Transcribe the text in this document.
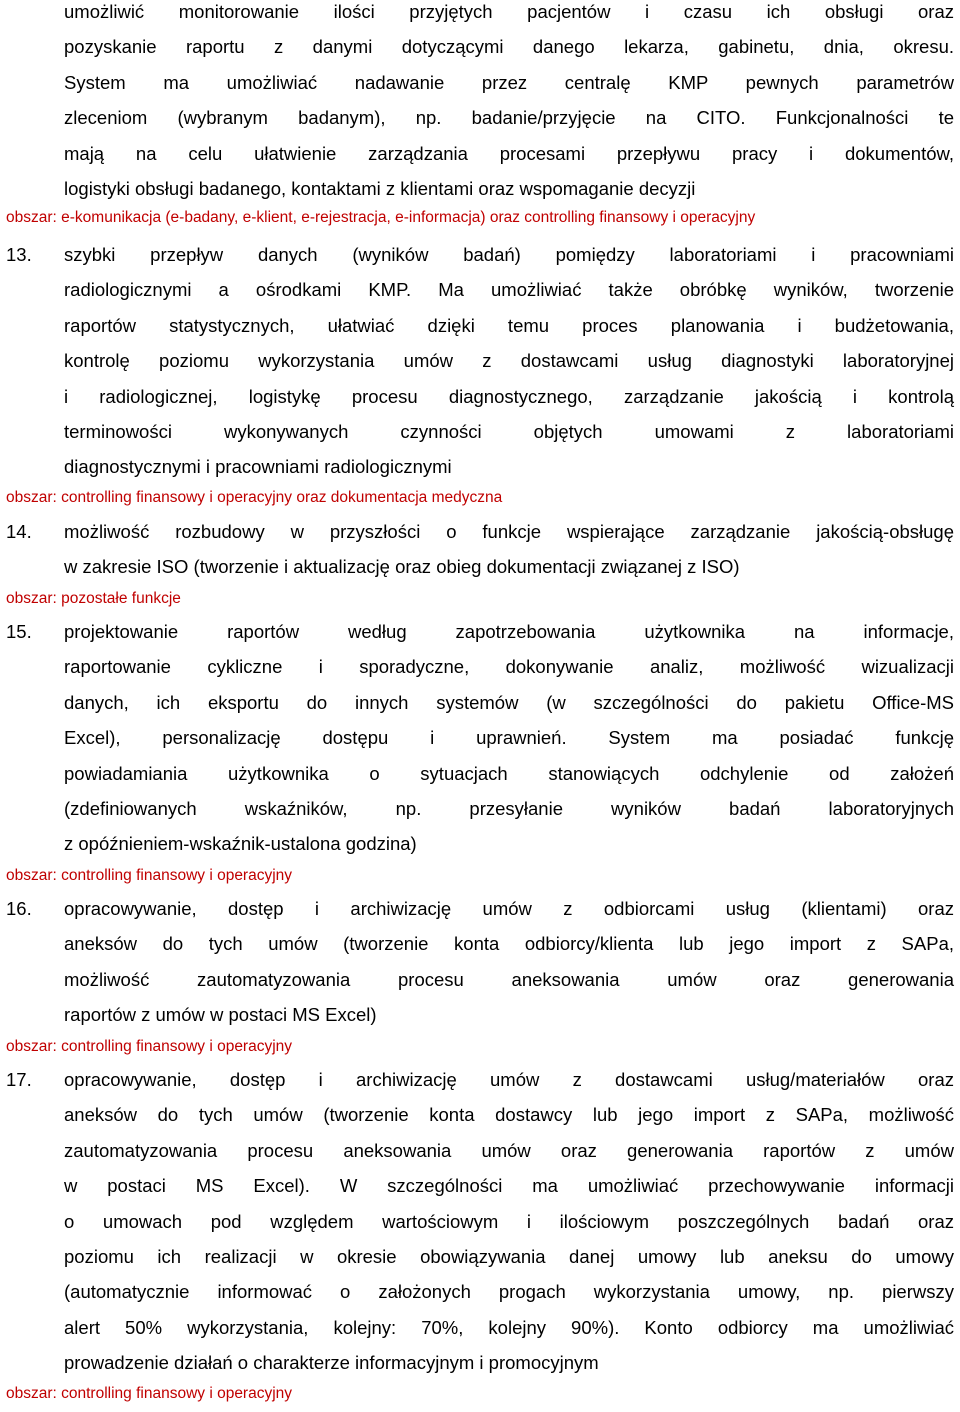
umożliwić monitorowanie ilości przyjętych pacjentów i czasu ich obsługi oraz
pozyskanie raportu z danymi dotyczącymi danego lekarza, gabinetu, dnia, okresu.
System ma umożliwiać nadawanie przez centralę KMP pewnych parametrów
zleceniom (wybranym badanym), np. badanie/przyjęcie na CITO. Funkcjonalności te
mają na celu ułatwienie zarządzania procesami przepływu pracy i dokumentów,
logistyki obsługi badanego, kontaktami z klientami oraz wspomaganie decyzji
obszar: e-komunikacja (e-badany, e-klient, e-rejestracja, e-informacja) oraz controlling finansowy i operacyjny
13. szybki przepływ danych (wyników badań) pomiędzy laboratoriami i pracowniami
radiologicznymi a ośrodkami KMP. Ma umożliwiać także obróbkę wyników, tworzenie
raportów statystycznych, ułatwiać dzięki temu proces planowania i budżetowania,
kontrolę poziomu wykorzystania umów z dostawcami usług diagnostyki laboratoryjnej
i radiologicznej, logistykę procesu diagnostycznego, zarządzanie jakością i kontrolą
terminowości wykonywanych czynności objętych umowami z laboratoriami
diagnostycznymi i pracowniami radiologicznymi
obszar: controlling finansowy i operacyjny oraz dokumentacja medyczna
14. możliwość rozbudowy w przyszłości o funkcje wspierające zarządzanie jakością-obsługę
w zakresie ISO (tworzenie i aktualizację oraz obieg dokumentacji związanej z ISO)
obszar: pozostałe funkcje
15. projektowanie raportów według zapotrzebowania użytkownika na informacje,
raportowanie cykliczne i sporadyczne, dokonywanie analiz, możliwość wizualizacji
danych, ich eksportu do innych systemów (w szczególności do pakietu Office-MS
Excel), personalizację dostępu i uprawnień. System ma posiadać funkcję
powiadamiania użytkownika o sytuacjach stanowiących odchylenie od założeń
(zdefiniowanych wskaźników, np. przesyłanie wyników badań laboratoryjnych
z opóźnieniem-wskaźnik-ustalona godzina)
obszar: controlling finansowy i operacyjny
16. opracowywanie, dostęp i archiwizację umów z odbiorcami usług (klientami) oraz
aneksów do tych umów (tworzenie konta odbiorcy/klienta lub jego import z SAPa,
możliwość zautomatyzowania procesu aneksowania umów oraz generowania
raportów z umów w postaci MS Excel)
obszar: controlling finansowy i operacyjny
17. opracowywanie, dostęp i archiwizację umów z dostawcami usług/materiałów oraz
aneksów do tych umów (tworzenie konta dostawcy lub jego import z SAPa, możliwość
zautomatyzowania procesu aneksowania umów oraz generowania raportów z umów
w postaci MS Excel). W szczególności ma umożliwiać przechowywanie informacji
o umowach pod względem wartościowym i ilościowym poszczególnych badań oraz
poziomu ich realizacji w okresie obowiązywania danej umowy lub aneksu do umowy
(automatycznie informować o założonych progach wykorzystania umowy, np. pierwszy
alert 50% wykorzystania, kolejny: 70%, kolejny 90%). Konto odbiorcy ma umożliwiać
prowadzenie działań o charakterze informacyjnym i promocyjnym
obszar: controlling finansowy i operacyjny
